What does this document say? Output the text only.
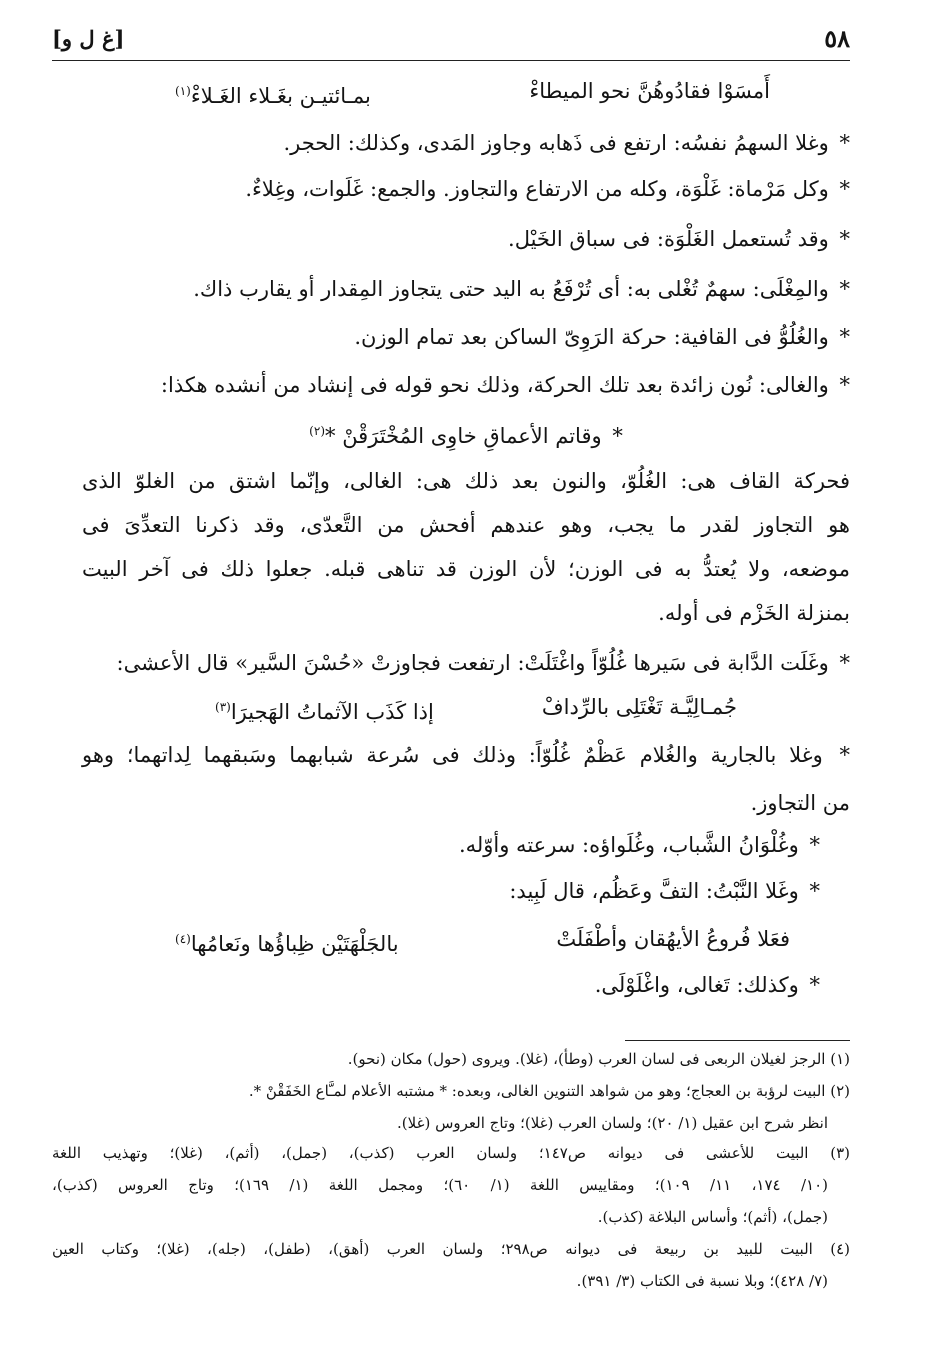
٥٨
[غ ل و]
أَمسَوْا فقادُوهُنَّ نحو الميطاءْ
بمـائتيـن بغَـلاء الغَـلاءْ$^{(١)}$
* وغلا السهمُ نفسُه: ارتفع فى ذَهابه وجاوز المَدى، وكذلك: الحجر.
* وكل مَرْماة: غَلْوَة، وكله من الارتفاع والتجاوز. والجمع: غَلَوات، وغِلاءٌ.
* وقد تُستعمل الغَلْوَة: فى سباق الخَيْل.
* والمِغْلَى: سهمٌ تُغْلى به: أى تُرْفَعُ به اليد حتى يتجاوز المِقدار أو يقارب ذاك.
* والغُلُوُّ فى القافية: حركة الرَوِىّ الساكن بعد تمام الوزن.
* والغالى: نُون زائدة بعد تلك الحركة، وذلك نحو قوله فى إنشاد من أنشده هكذا:
* وقاتم الأعماقِ خاوِى المُخْتَرَقْنْ *$^{(٢)}$
فحركة القاف هى: الغُلُوّ، والنون بعد ذلك هى: الغالى، وإنّما اشتق من الغلوّ الذى
هو التجاوز لقدر ما يجب، وهو عندهم أفحش من التَّعدّى، وقد ذكرنا التعدِّىَ فى
موضعه، ولا يُعتدُّ به فى الوزن؛ لأن الوزن قد تناهى قبله. جعلوا ذلك فى آخر البيت
بمنزلة الخَزْم فى أوله.
* وغَلَت الدَّابة فى سَيرها غُلُوّاً واغْتَلَتْ: ارتفعت فجاوزتْ «حُسْنَ السَّير» قال الأعشى:
جُمـالِيَّـة تَغْتَلِى بالرِّدافْ
إذا كَذَب الآثماتُ الهَجيرَا$^{(٣)}$
* وغلا بالجارية والغُلام عَظْمٌ غُلُوّاً: وذلك فى سُرعة شبابهما وسَبقهما لِداتهما؛ وهو
من التجاوز.
* وغُلْوَانُ الشَّباب، وغُلَواؤه: سرعته وأوّله.
* وغَلا النَّبْتُ: التفَّ وعَظُم، قال لَبِيد:
فعَلا فُروعُ الأيهُقان وأطْفَلَتْ
بالجَلْهَتَيْن ظِباؤُها ونَعامُها$^{(٤)}$
* وكذلك: تَغالى، واغْلَوْلَى.
(١) الرجز لغيلان الربعى فى لسان العرب (وطأ)، (غلا). ويروى (حول) مكان (نحو).
(٢) البيت لرؤبة بن العجاج؛ وهو من شواهد التنوين الغالى، وبعده: * مشتبه الأعلام لمـَّاع الخَفَقْنْ *.
انظر شرح ابن عقيل (١/ ٢٠)؛ ولسان العرب (غلا)؛ وتاج العروس (غلا).
(٣) البيت للأعشى فى ديوانه ص١٤٧؛ ولسان العرب (كذب)، (جمل)، (أثم)، (غلا)؛ وتهذيب اللغة
(١٠/ ١٧٤، ١١/ ١٠٩)؛ ومقاييس اللغة (١/ ٦٠)؛ ومجمل اللغة (١/ ١٦٩)؛ وتاج العروس (كذب)،
(جمل)، (أثم)؛ وأساس البلاغة (كذب).
(٤) البيت للبيد بن ربيعة فى ديوانه ص٢٩٨؛ ولسان العرب (أهق)، (طفل)، (جله)، (غلا)؛ وكتاب العين
(٧/ ٤٢٨)؛ وبلا نسبة فى الكتاب (٣/ ٣٩١).
